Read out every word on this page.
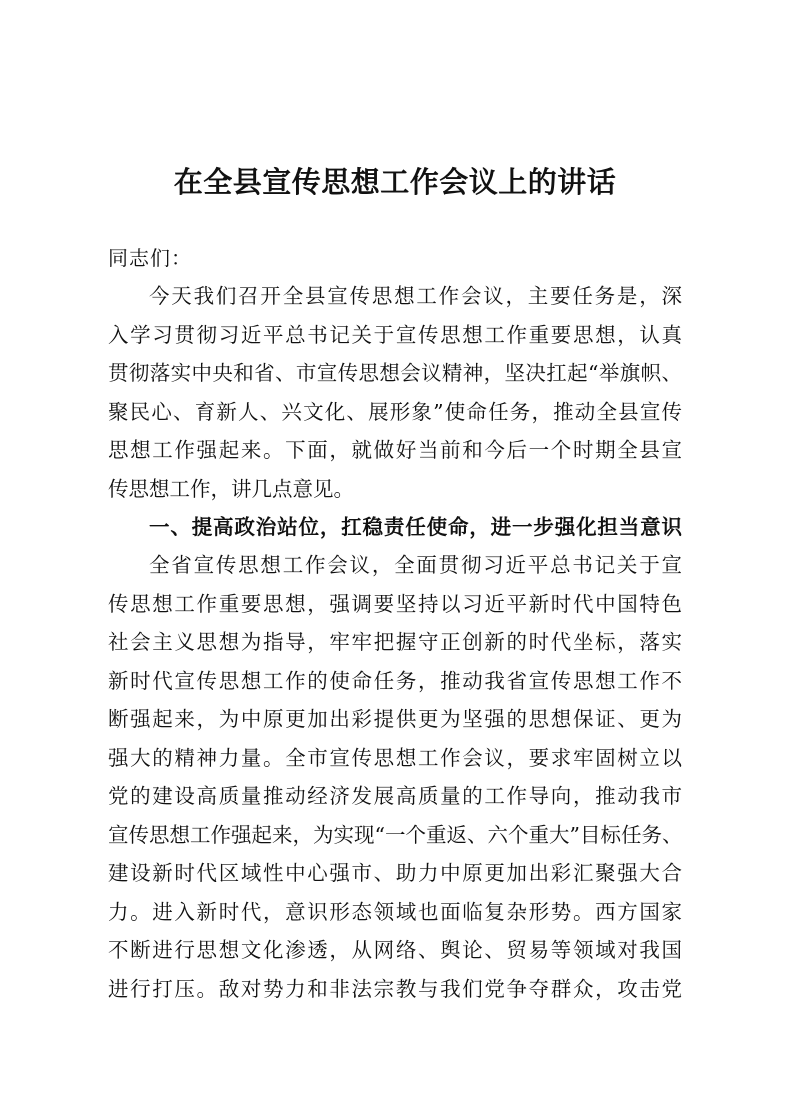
在全县宣传思想工作会议上的讲话
同志们：
今天我们召开全县宣传思想工作会议，主要任务是，深
入学习贯彻习近平总书记关于宣传思想工作重要思想，认真
贯彻落实中央和省、市宣传思想会议精神，坚决扛起“举旗帜、
聚民心、育新人、兴文化、展形象”使命任务，推动全县宣传
思想工作强起来。下面，就做好当前和今后一个时期全县宣
传思想工作，讲几点意见。
一、提高政治站位，扛稳责任使命，进一步强化担当意识
全省宣传思想工作会议，全面贯彻习近平总书记关于宣
传思想工作重要思想，强调要坚持以习近平新时代中国特色
社会主义思想为指导，牢牢把握守正创新的时代坐标，落实
新时代宣传思想工作的使命任务，推动我省宣传思想工作不
断强起来，为中原更加出彩提供更为坚强的思想保证、更为
强大的精神力量。全市宣传思想工作会议，要求牢固树立以
党的建设高质量推动经济发展高质量的工作导向，推动我市
宣传思想工作强起来，为实现“一个重返、六个重大”目标任务、
建设新时代区域性中心强市、助力中原更加出彩汇聚强大合
力。进入新时代，意识形态领域也面临复杂形势。西方国家
不断进行思想文化渗透，从网络、舆论、贸易等领域对我国
进行打压。敌对势力和非法宗教与我们党争夺群众，攻击党
